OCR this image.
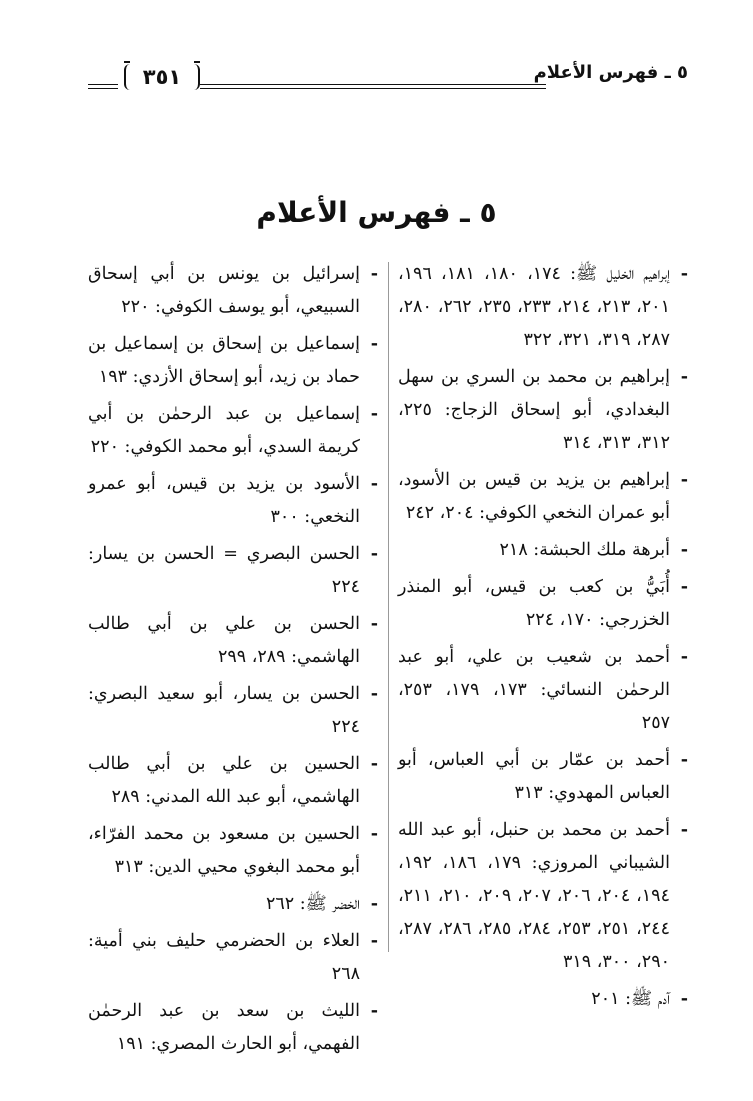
٥ ـ فهرس الأعلام
٣٥١
٥ ـ فهرس الأعلام
- إبراهيم الخليل ﷺ: ١٧٤، ١٨٠، ١٨١، ١٩٦، ٢٠١، ٢١٣، ٢١٤، ٢٣٣، ٢٣٥، ٢٦٢، ٢٨٠، ٢٨٧، ٣١٩، ٣٢١، ٣٢٢
- إبراهيم بن محمد بن السري بن سهل البغدادي، أبو إسحاق الزجاج: ٢٢٥، ٣١٢، ٣١٣، ٣١٤
- إبراهيم بن يزيد بن قيس بن الأسود، أبو عمران النخعي الكوفي: ٢٠٤، ٢٤٢
- أبرهة ملك الحبشة: ٢١٨
- أُبَيُّ بن كعب بن قيس، أبو المنذر الخزرجي: ١٧٠، ٢٢٤
- أحمد بن شعيب بن علي، أبو عبد الرحمٰن النسائي: ١٧٣، ١٧٩، ٢٥٣، ٢٥٧
- أحمد بن عمّار بن أبي العباس، أبو العباس المهدوي: ٣١٣
- أحمد بن محمد بن حنبل، أبو عبد الله الشيباني المروزي: ١٧٩، ١٨٦، ١٩٢، ١٩٤، ٢٠٤، ٢٠٦، ٢٠٧، ٢٠٩، ٢١٠، ٢١١، ٢٤٤، ٢٥١، ٢٥٣، ٢٨٤، ٢٨٥، ٢٨٦، ٢٨٧، ٢٩٠، ٣٠٠، ٣١٩
- آدم ﷺ: ٢٠١
- إسرائيل بن يونس بن أبي إسحاق السبيعي، أبو يوسف الكوفي: ٢٢٠
- إسماعيل بن إسحاق بن إسماعيل بن حماد بن زيد، أبو إسحاق الأزدي: ١٩٣
- إسماعيل بن عبد الرحمٰن بن أبي كريمة السدي، أبو محمد الكوفي: ٢٢٠
- الأسود بن يزيد بن قيس، أبو عمرو النخعي: ٣٠٠
- الحسن البصري = الحسن بن يسار: ٢٢٤
- الحسن بن علي بن أبي طالب الهاشمي: ٢٨٩، ٢٩٩
- الحسن بن يسار، أبو سعيد البصري: ٢٢٤
- الحسين بن علي بن أبي طالب الهاشمي، أبو عبد الله المدني: ٢٨٩
- الحسين بن مسعود بن محمد الفرّاء، أبو محمد البغوي محيي الدين: ٣١٣
- الخضر ﷺ: ٢٦٢
- العلاء بن الحضرمي حليف بني أمية: ٢٦٨
- الليث بن سعد بن عبد الرحمٰن الفهمي، أبو الحارث المصري: ١٩١
